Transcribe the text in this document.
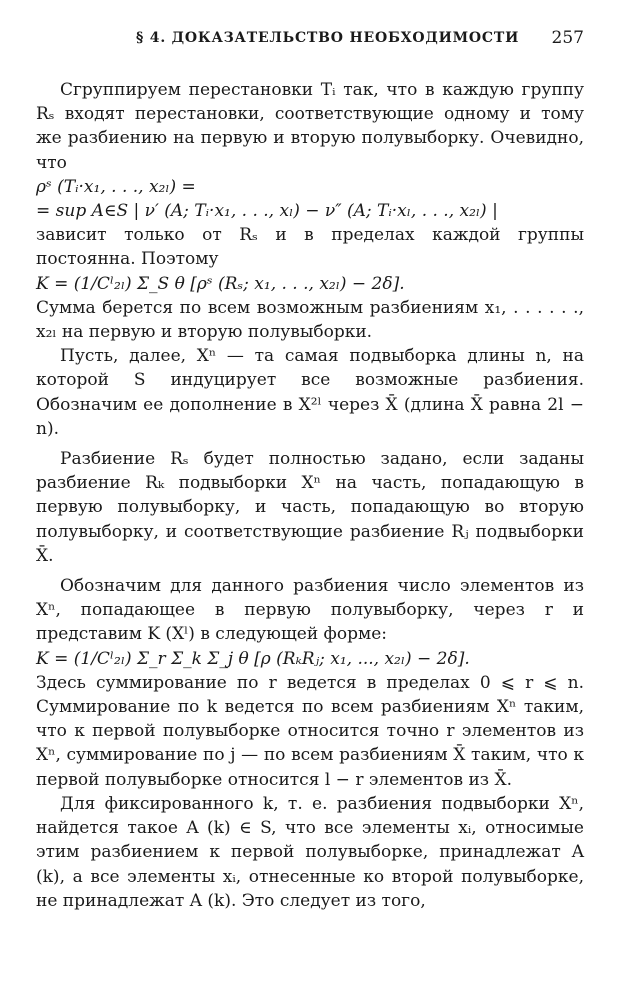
§ 4. ДОКАЗАТЕЛЬСТВО НЕОБХОДИМОСТИ 257

Сгруппируем перестановки Tᵢ так, что в каждую группу Rₛ входят перестановки, соответствующие одному и тому же разбиению на первую и вторую полувыборку. Очевидно, что

ρˢ (Tᵢ·x₁, . . ., x₂ₗ) =

= sup A∈S | ν′ (A; Tᵢ·x₁, . . ., xₗ) − ν″ (A; Tᵢ·xₗ, . . ., x₂ₗ) |

зависит только от Rₛ и в пределах каждой группы постоянна. Поэтому

K = (1/Cˡ₂ₗ) Σ_S θ [ρˢ (Rₛ; x₁, . . ., x₂ₗ) − 2δ].

Сумма берется по всем возможным разбиениям x₁, . . . . . ., x₂ₗ на первую и вторую полувыборки.

Пусть, далее, Xⁿ — та самая подвыборка длины n, на которой S индуцирует все возможные разбиения. Обозначим ее дополнение в X²ˡ через X̄ (длина X̄ равна 2l − n).

Разбиение Rₛ будет полностью задано, если заданы разбиение Rₖ подвыборки Xⁿ на часть, попадающую в первую полувыборку, и часть, попадающую во вторую полувыборку, и соответствующие разбиение Rⱼ подвыборки X̄.

Обозначим для данного разбиения число элементов из Xⁿ, попадающее в первую полувыборку, через r и представим K (Xˡ) в следующей форме:

K = (1/Cˡ₂ₗ) Σ_r Σ_k Σ_j θ [ρ (RₖRⱼ; x₁, ..., x₂ₗ) − 2δ].

Здесь суммирование по r ведется в пределах 0 ⩽ r ⩽ n. Суммирование по k ведется по всем разбиениям Xⁿ таким, что к первой полувыборке относится точно r элементов из Xⁿ, суммирование по j — по всем разбиениям X̄ таким, что к первой полувыборке относится l − r элементов из X̄.

Для фиксированного k, т. е. разбиения подвыборки Xⁿ, найдется такое A (k) ∈ S, что все элементы xᵢ, относимые этим разбиением к первой полувыборке, принадлежат A (k), а все элементы xᵢ, отнесенные ко второй полувыборке, не принадлежат A (k). Это следует из того,
